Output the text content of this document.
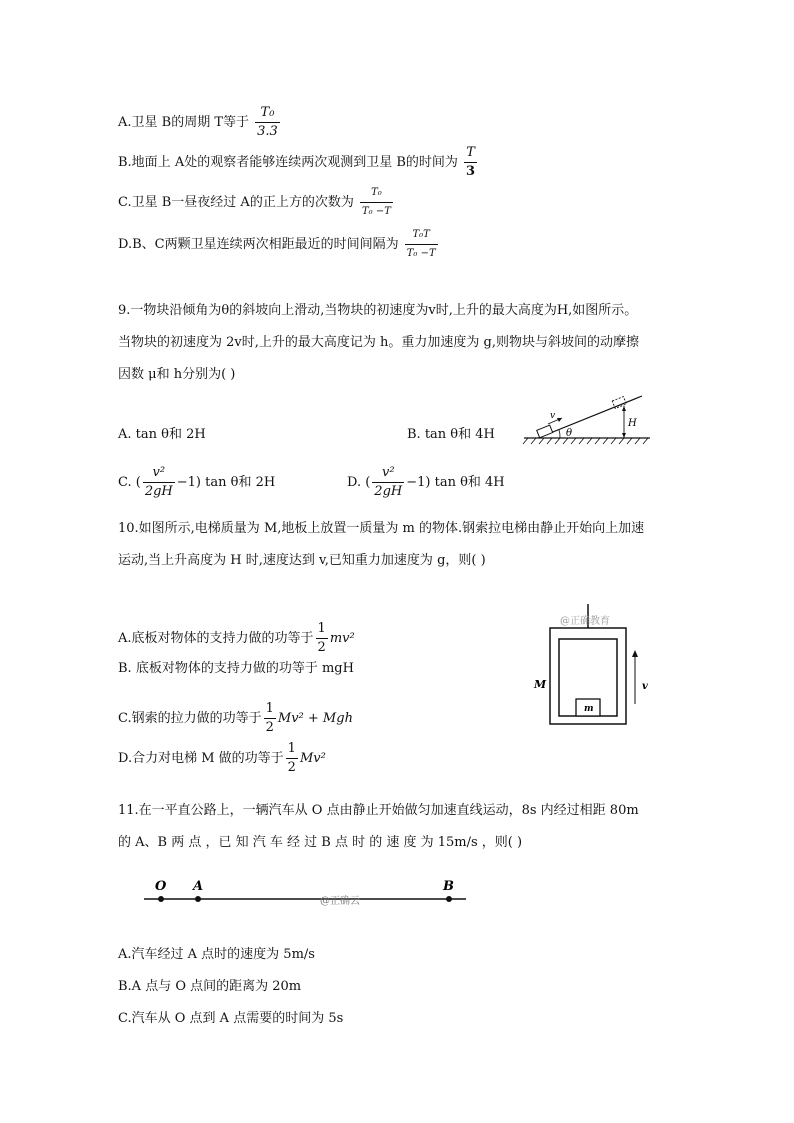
A.卫星 B的周期 T等于 $\frac{\text{T₀}}{3.3}$
B.地面上 A处的观察者能够连续两次观测到卫星 B的时间为 $\frac{T}{3}$
C.卫星 B一昼夜经过 A的正上方的次数为 $\frac{\text{T₀}}{\text{T₀ −T}}$
D.B、C两颗卫星连续两次相距最近的时间间隔为 $\frac{\text{T₀T}}{\text{T₀ −T}}$
9.一物块沿倾角为θ的斜坡向上滑动,当物块的初速度为v时,上升的最大高度为H,如图所示。
当物块的初速度为 2v时,上升的最大高度记为 h。重力加速度为 g,则物块与斜坡间的动摩擦
因数 μ和 h分别为( )
A. tan θ和 2H	B. tan θ和 4H
C. ( $\frac{\text{v²}}{2gH} -1$) tan θ和 2H	D. ( $\frac{\text{v²}}{2gH} -1$) tan θ和 4H
v
θ
H
10.如图所示,电梯质量为 M,地板上放置一质量为 m 的物体.钢索拉电梯由静止开始向上加速
运动,当上升高度为 H 时,速度达到 v,已知重力加速度为 g，则( )
A.底板对物体的支持力做的功等于 $\frac{1}{2} mv^2$
B. 底板对物体的支持力做的功等于 mgH
C.钢索的拉力做的功等于 $\frac{1}{2} Mv^2$ + Mgh
D.合力对电梯 M 做的功等于 $\frac{1}{2} Mv^2$
@正确教育
m
M	v
11.在一平直公路上，一辆汽车从 O 点由静止开始做匀加速直线运动，8s 内经过相距 80m
的 A、B 两 点 ，已 知 汽 车 经 过 B 点 时 的 速 度 为 15m/s ，则( )
O A	B
@正确云
A.汽车经过 A 点时的速度为 5m/s
B.A 点与 O 点间的距离为 20m
C.汽车从 O 点到 A 点需要的时间为 5s
